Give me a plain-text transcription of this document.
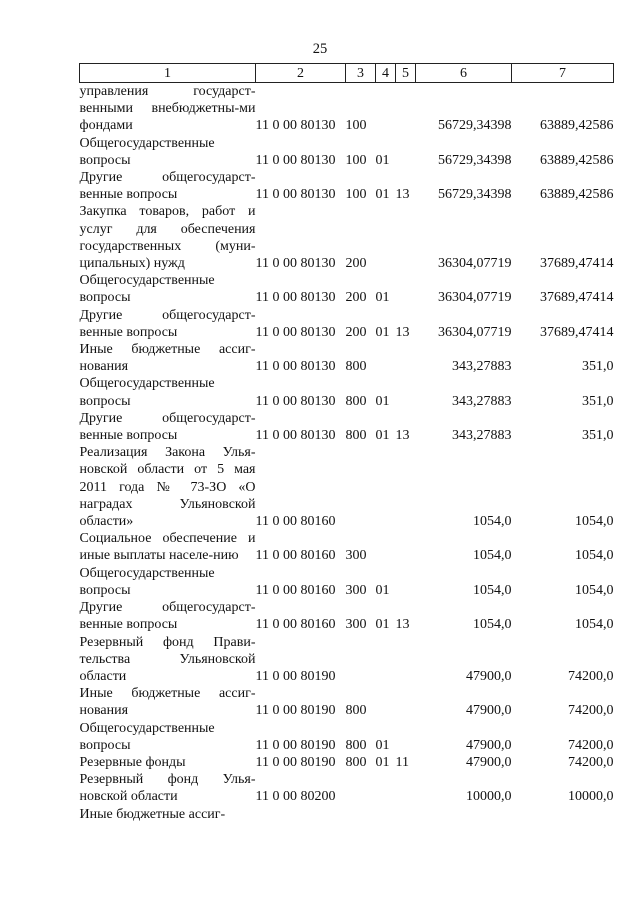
25
1	2	3	4	5	6	7
управления государст-венными внебюджетны-ми фондами	11 0 00 80130	100			56729,34398	63889,42586
Общегосударственные вопросы	11 0 00 80130	100	01		56729,34398	63889,42586
Другие общегосударст-венные вопросы	11 0 00 80130	100	01	13	56729,34398	63889,42586
Закупка товаров, работ и услуг для обеспечения государственных (муни-ципальных) нужд	11 0 00 80130	200			36304,07719	37689,47414
Общегосударственные вопросы	11 0 00 80130	200	01		36304,07719	37689,47414
Другие общегосударст-венные вопросы	11 0 00 80130	200	01	13	36304,07719	37689,47414
Иные бюджетные ассиг-нования	11 0 00 80130	800			343,27883	351,0
Общегосударственные вопросы	11 0 00 80130	800	01		343,27883	351,0
Другие общегосударст-венные вопросы	11 0 00 80130	800	01	13	343,27883	351,0
Реализация Закона Улья-новской области от 5 мая 2011 года № 73-ЗО «О наградах Ульяновской области»	11 0 00 80160				1054,0	1054,0
Социальное обеспечение и иные выплаты населе-нию	11 0 00 80160	300			1054,0	1054,0
Общегосударственные вопросы	11 0 00 80160	300	01		1054,0	1054,0
Другие общегосударст-венные вопросы	11 0 00 80160	300	01	13	1054,0	1054,0
Резервный фонд Прави-тельства Ульяновской области	11 0 00 80190				47900,0	74200,0
Иные бюджетные ассиг-нования	11 0 00 80190	800			47900,0	74200,0
Общегосударственные вопросы	11 0 00 80190	800	01		47900,0	74200,0
Резервные фонды	11 0 00 80190	800	01	11	47900,0	74200,0
Резервный фонд Улья-новской области	11 0 00 80200				10000,0	10000,0
Иные бюджетные ассиг-						
